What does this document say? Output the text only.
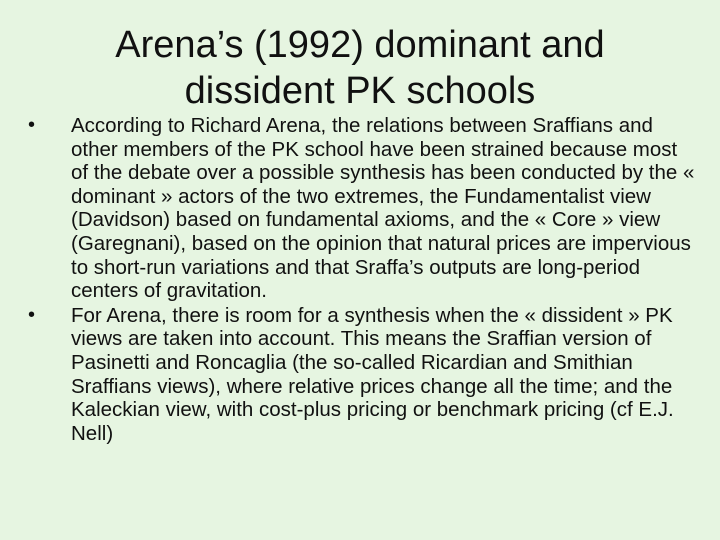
Arena’s (1992) dominant and
dissident PK schools
•	According to Richard Arena, the relations between Sraffians and other members of the PK school have been strained because most of the debate over a possible synthesis has been conducted by the « dominant » actors of the two extremes, the Fundamentalist view (Davidson) based on fundamental axioms, and the « Core » view (Garegnani), based on the opinion that natural prices are impervious to short-run variations and that Sraffa’s outputs are long-period centers of gravitation.
•	For Arena, there is room for a synthesis when the « dissident » PK views are taken into account. This means the Sraffian version of Pasinetti and Roncaglia (the so-called Ricardian and Smithian Sraffians views), where relative prices change all the time; and the Kaleckian view, with cost-plus pricing or benchmark pricing (cf E.J. Nell)
